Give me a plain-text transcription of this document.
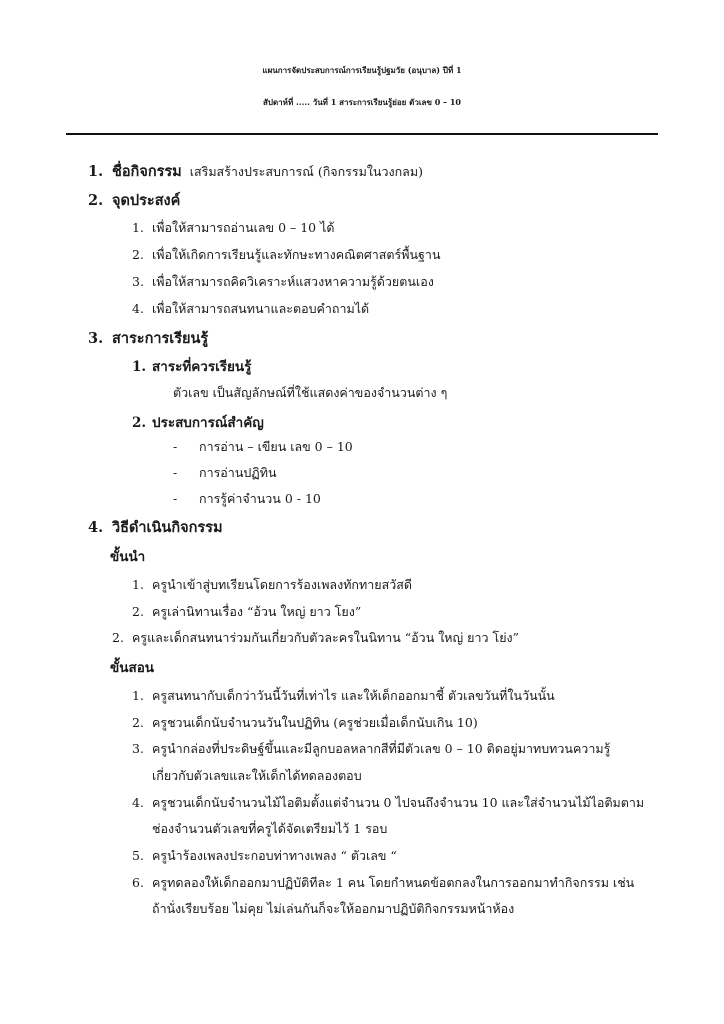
แผนการจัดประสบการณ์การเรียนรู้ปฐมวัย (อนุบาล) ปีที่ 1
สัปดาห์ที่ ..... วันที่ 1 สาระการเรียนรู้ย่อย ตัวเลข 0 – 10
1. ชื่อกิจกรรม เสริมสร้างประสบการณ์ (กิจกรรมในวงกลม)
2. จุดประสงค์
1. เพื่อให้สามารถอ่านเลข 0 – 10 ได้
2. เพื่อให้เกิดการเรียนรู้และทักษะทางคณิตศาสตร์พื้นฐาน
3. เพื่อให้สามารถคิดวิเคราะห์แสวงหาความรู้ด้วยตนเอง
4. เพื่อให้สามารถสนทนาและตอบคำถามได้
3. สาระการเรียนรู้
1. สาระที่ควรเรียนรู้
ตัวเลข เป็นสัญลักษณ์ที่ใช้แสดงค่าของจำนวนต่าง ๆ
2. ประสบการณ์สำคัญ
- การอ่าน – เขียน เลข 0 – 10
- การอ่านปฏิทิน
- การรู้ค่าจำนวน 0 - 10
4. วิธีดำเนินกิจกรรม
ขั้นนำ
1. ครูนำเข้าสู่บทเรียนโดยการร้องเพลงทักทายสวัสดี
2. ครูเล่านิทานเรื่อง “อ้วน ใหญ่ ยาว โยง”
2. ครูและเด็กสนทนาร่วมกันเกี่ยวกับตัวละครในนิทาน “อ้วน ใหญ่ ยาว โย่ง”
ขั้นสอน
1. ครูสนทนากับเด็กว่าวันนี้วันที่เท่าไร และให้เด็กออกมาชี้ ตัวเลขวันที่ในวันนั้น
2. ครูชวนเด็กนับจำนวนวันในปฏิทิน (ครูช่วยเมื่อเด็กนับเกิน 10)
3. ครูนำกล่องที่ประดิษฐ์ขึ้นและมีลูกบอลหลากสีที่มีตัวเลข 0 – 10 ติดอยู่มาทบทวนความรู้
เกี่ยวกับตัวเลขและให้เด็กได้ทดลองตอบ
4. ครูชวนเด็กนับจำนวนไม้ไอติมตั้งแต่จำนวน 0 ไปจนถึงจำนวน 10 และใส่จำนวนไม้ไอติมตาม
ช่องจำนวนตัวเลขที่ครูได้จัดเตรียมไว้ 1 รอบ
5. ครูนำร้องเพลงประกอบท่าทางเพลง “ ตัวเลข “
6. ครูทดลองให้เด็กออกมาปฏิบัติทีละ 1 คน โดยกำหนดข้อตกลงในการออกมาทำกิจกรรม เช่น
ถ้านั่งเรียบร้อย ไม่คุย ไม่เล่นกันก็จะให้ออกมาปฏิบัติกิจกรรมหน้าห้อง
